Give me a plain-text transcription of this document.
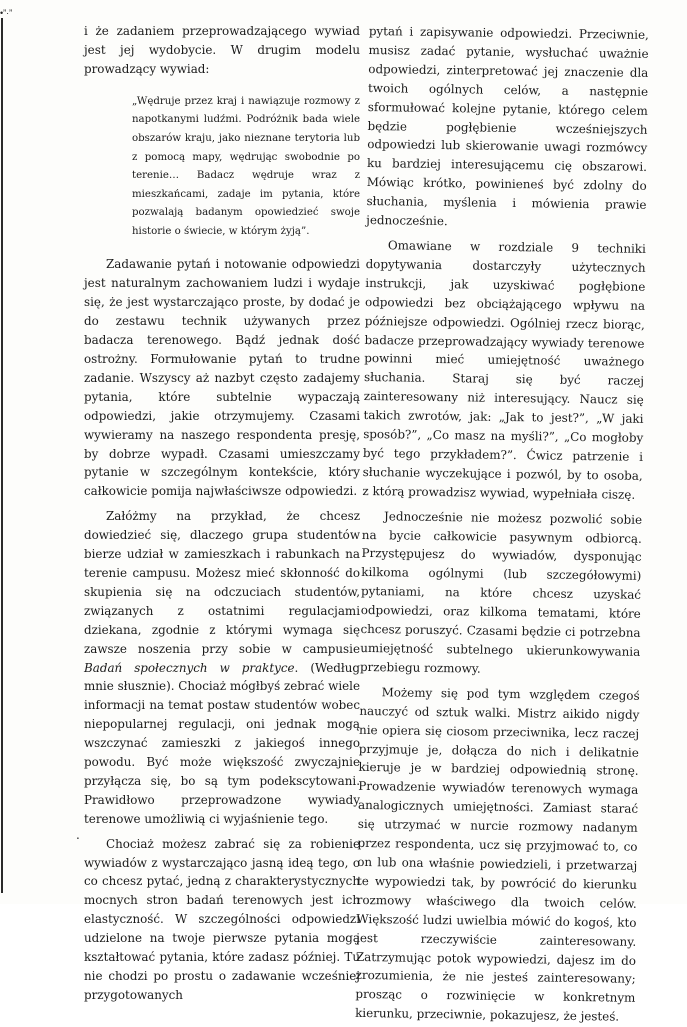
•”·”

i że zadaniem przeprowadzającego wywiad jest jej wydobycie. W drugim modelu prowadzący wywiad:

„Wędruje przez kraj i nawiązuje rozmowy z napotkanymi ludźmi. Podróżnik bada wiele obszarów kraju, jako nieznane terytoria lub z pomocą mapy, wędrując swobodnie po terenie… Badacz wędruje wraz z mieszkańcami, zadaje im pytania, które pozwalają badanym opowiedzieć swoje historie o świecie, w którym żyją”.

Zadawanie pytań i notowanie odpowiedzi jest naturalnym zachowaniem ludzi i wydaje się, że jest wystarczająco proste, by dodać je do zestawu technik używanych przez badacza terenowego. Bądź jednak dość ostrożny. Formułowanie pytań to trudne zadanie. Wszyscy aż nazbyt często zadajemy pytania, które subtelnie wypaczają odpowiedzi, jakie otrzymujemy. Czasami wywieramy na naszego respondenta presję, by dobrze wypadł. Czasami umieszczamy pytanie w szczególnym kontekście, który całkowicie pomija najwłaściwsze odpowiedzi.

Załóżmy na przykład, że chcesz dowiedzieć się, dlaczego grupa studentów bierze udział w zamieszkach i rabunkach na terenie campusu. Możesz mieć skłonność do skupienia się na odczuciach studentów, związanych z ostatnimi regulacjami dziekana, zgodnie z którymi wymaga się zawsze noszenia przy sobie w campusie Badań społecznych w praktyce. (Według mnie słusznie). Chociaż mógłbyś zebrać wiele informacji na temat postaw studentów wobec niepopularnej regulacji, oni jednak mogą wszczynać zamieszki z jakiegoś innego powodu. Być może większość zwyczajnie przyłącza się, bo są tym podekscytowani. Prawidłowo przeprowadzone wywiady terenowe umożliwią ci wyjaśnienie tego.

Chociaż możesz zabrać się za robienie wywiadów z wystarczająco jasną ideą tego, o co chcesz pytać, jedną z charakterystycznych mocnych stron badań terenowych jest ich elastyczność. W szczególności odpowiedzi udzielone na twoje pierwsze pytania mogą kształtować pytania, które zadasz później. Tu nie chodzi po prostu o zadawanie wcześniej przygotowanych

.

pytań i zapisywanie odpowiedzi. Przeciwnie, musisz zadać pytanie, wysłuchać uważnie odpowiedzi, zinterpretować jej znaczenie dla twoich ogólnych celów, a następnie sformułować kolejne pytanie, którego celem będzie pogłębienie wcześniejszych odpowiedzi lub skierowanie uwagi rozmówcy ku bardziej interesującemu cię obszarowi. Mówiąc krótko, powinieneś być zdolny do słuchania, myślenia i mówienia prawie jednocześnie.

Omawiane w rozdziale 9 techniki dopytywania dostarczyły użytecznych instrukcji, jak uzyskiwać pogłębione odpowiedzi bez obciążającego wpływu na późniejsze odpowiedzi. Ogólniej rzecz biorąc, badacze przeprowadzający wywiady terenowe powinni mieć umiejętność uważnego słuchania. Staraj się być raczej zainteresowany niż interesujący. Naucz się takich zwrotów, jak: „Jak to jest?”, „W jaki sposób?”, „Co masz na myśli?”, „Co mogłoby być tego przykładem?”. Ćwicz patrzenie i słuchanie wyczekujące i pozwól, by to osoba, z którą prowadzisz wywiad, wypełniała ciszę.

Jednocześnie nie możesz pozwolić sobie na bycie całkowicie pasywnym odbiorcą. Przystępujesz do wywiadów, dysponując kilkoma ogólnymi (lub szczegółowymi) pytaniami, na które chcesz uzyskać odpowiedzi, oraz kilkoma tematami, które chcesz poruszyć. Czasami będzie ci potrzebna umiejętność subtelnego ukierunkowywania przebiegu rozmowy.

Możemy się pod tym względem czegoś nauczyć od sztuk walki. Mistrz aikido nigdy nie opiera się ciosom przeciwnika, lecz raczej przyjmuje je, dołącza do nich i delikatnie kieruje je w bardziej odpowiednią stronę. Prowadzenie wywiadów terenowych wymaga analogicznych umiejętności. Zamiast starać się utrzymać w nurcie rozmowy nadanym przez respondenta, ucz się przyjmować to, co on lub ona właśnie powiedzieli, i przetwarzaj te wypowiedzi tak, by powrócić do kierunku rozmowy właściwego dla twoich celów. Większość ludzi uwielbia mówić do kogoś, kto jest rzeczywiście zainteresowany. Zatrzymując potok wypowiedzi, dajesz im do zrozumienia, że nie jesteś zainteresowany; prosząc o rozwinięcie w konkretnym kierunku, przeciwnie, pokazujesz, że jesteś.
